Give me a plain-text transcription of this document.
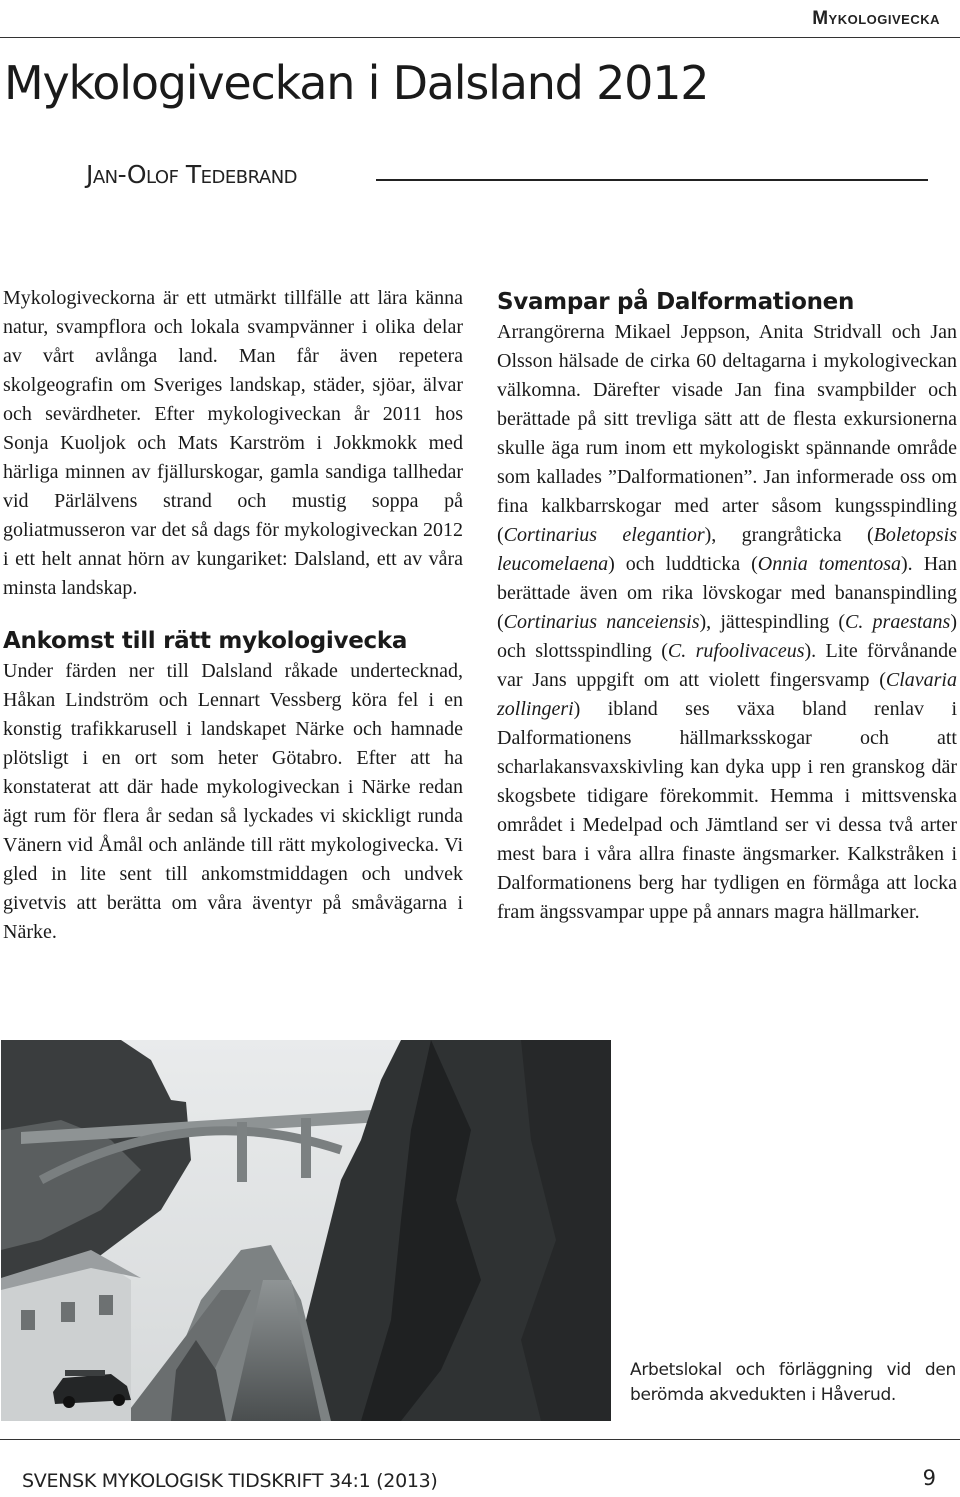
Mykologivecka
Mykologiveckan i Dalsland 2012
Jan-Olof Tedebrand

Mykologiveckorna är ett utmärkt tillfälle att lära känna natur, svampflora och lokala svampvänner i olika delar av vårt avlånga land. Man får även repetera skolgeografin om Sveriges landskap, städer, sjöar, älvar och sevärdheter. Efter mykologiveckan år 2011 hos Sonja Kuoljok och Mats Karström i Jokkmokk med härliga minnen av fjällurskogar, gamla sandiga tallhedar vid Pärlälvens strand och mustig soppa på goliatmusseron var det så dags för mykologiveckan 2012 i ett helt annat hörn av kungariket: Dalsland, ett av våra minsta landskap.

Ankomst till rätt mykologivecka

Under färden ner till Dalsland råkade undertecknad, Håkan Lindström och Lennart Vessberg köra fel i en konstig trafikkarusell i landskapet Närke och hamnade plötsligt i en ort som heter Götabro. Efter att ha konstaterat att där hade mykologiveckan i Närke redan ägt rum för flera år sedan så lyckades vi skickligt runda Vänern vid Åmål och anlände till rätt mykologivecka. Vi gled in lite sent till ankomstmiddagen och undvek givetvis att berätta om våra äventyr på småvägarna i Närke.

Svampar på Dalformationen

Arrangörerna Mikael Jeppson, Anita Stridvall och Jan Olsson hälsade de cirka 60 deltagarna i mykologiveckan välkomna. Därefter visade Jan fina svampbilder och berättade på sitt trevliga sätt att de flesta exkursionerna skulle äga rum inom ett mykologiskt spännande område som kallades ”Dalformationen”. Jan informerade oss om fina kalkbarrskogar med arter såsom kungsspindling (Cortinarius elegantior), grangråticka (Boletopsis leucomelaena) och luddticka (Onnia tomentosa). Han berättade även om rika lövskogar med bananspindling (Cortinarius nanceiensis), jättespindling (C. praestans) och slottsspindling (C. rufoolivaceus). Lite förvånande var Jans uppgift om att violett fingersvamp (Clavaria zollingeri) ibland ses växa bland renlav i Dalformationens hällmarksskogar och att scharlakansvaxskivling kan dyka upp i ren granskog där skogsbete tidigare förekommit. Hemma i mittsvenska området i Medelpad och Jämtland ser vi dessa två arter mest bara i våra allra finaste ängsmarker. Kalkstråken i Dalformationens berg har tydligen en förmåga att locka fram ängssvampar uppe på annars magra hällmarker.

Arbetslokal och förläggning vid den berömda akvedukten i Håverud.
SVENSK MYKOLOGISK TIDSKRIFT 34:1 (2013)	9
